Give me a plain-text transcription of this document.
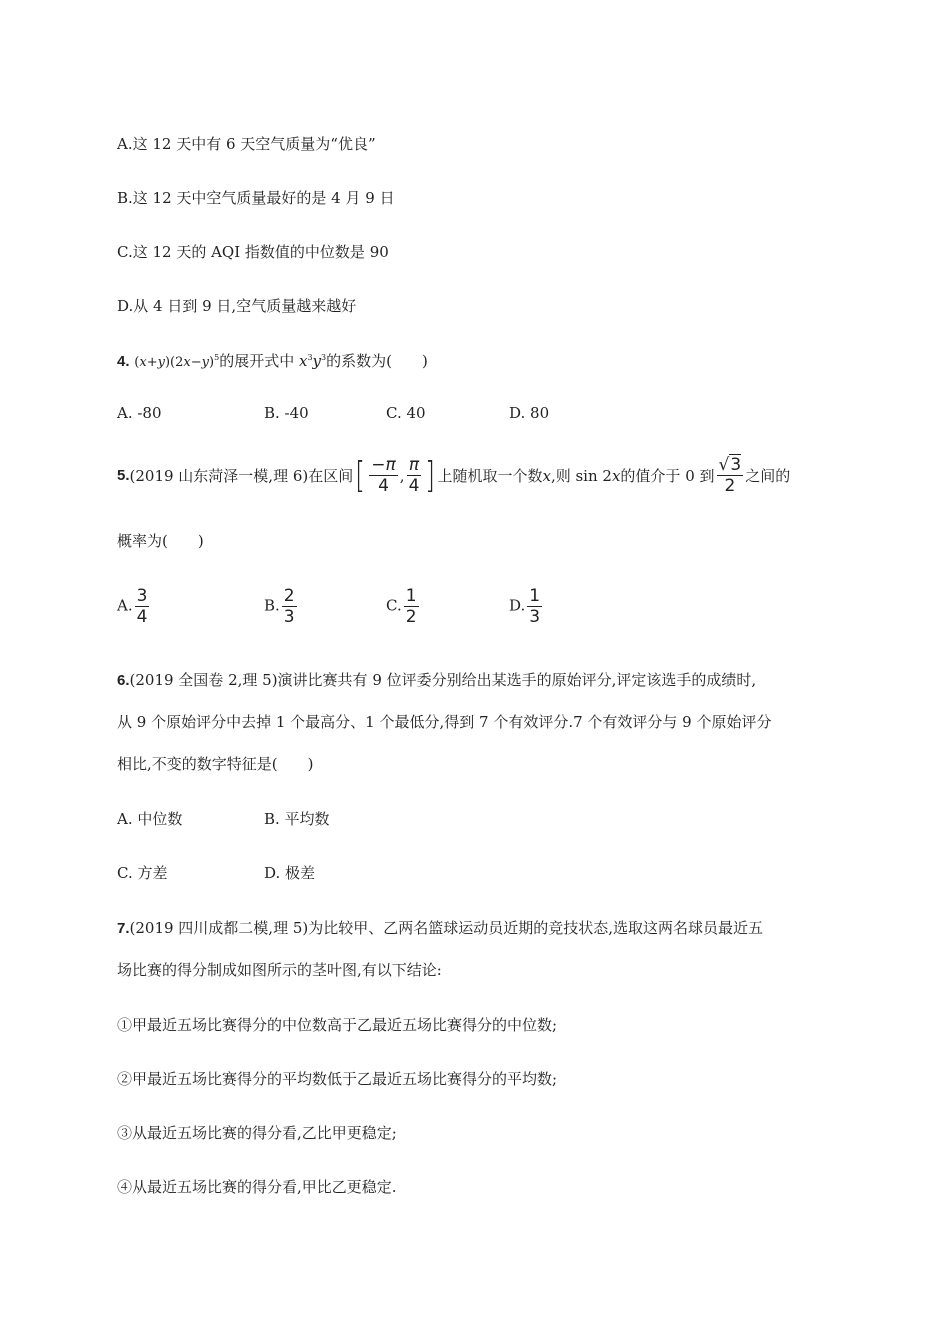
A.这 12 天中有 6 天空气质量为“优良”
B.这 12 天中空气质量最好的是 4 月 9 日
C.这 12 天的 AQI 指数值的中位数是 90
D.从 4 日到 9 日,空气质量越来越好
4. $(x+y)(2x-y)^5$的展开式中 $x^3y^3$的系数为(　　)
A. -80	B. -40	C. 40	D. 80
5. (2019 山东菏泽一模,理 6)在区间 [ $\frac{-\pi}{4}$ , $\frac{\pi}{4}$ ] 上随机取一个数 x ,则 sin 2 x 的值介于 0 到 $\frac{√3}{2}$ 之间的
概率为(　　)
A. $\frac{3}{4}$	B. $\frac{2}{3}$	C. $\frac{1}{2}$	D. $\frac{1}{3}$
6.(2019 全国卷 2,理 5)演讲比赛共有 9 位评委分别给出某选手的原始评分,评定该选手的成绩时,
从 9 个原始评分中去掉 1 个最高分、1 个最低分,得到 7 个有效评分.7 个有效评分与 9 个原始评分
相比,不变的数字特征是(　　)
A. 中位数	B. 平均数
C. 方差	D. 极差
7.(2019 四川成都二模,理 5)为比较甲、乙两名篮球运动员近期的竞技状态,选取这两名球员最近五
场比赛的得分制成如图所示的茎叶图,有以下结论:
①甲最近五场比赛得分的中位数高于乙最近五场比赛得分的中位数;
②甲最近五场比赛得分的平均数低于乙最近五场比赛得分的平均数;
③从最近五场比赛的得分看,乙比甲更稳定;
④从最近五场比赛的得分看,甲比乙更稳定.
